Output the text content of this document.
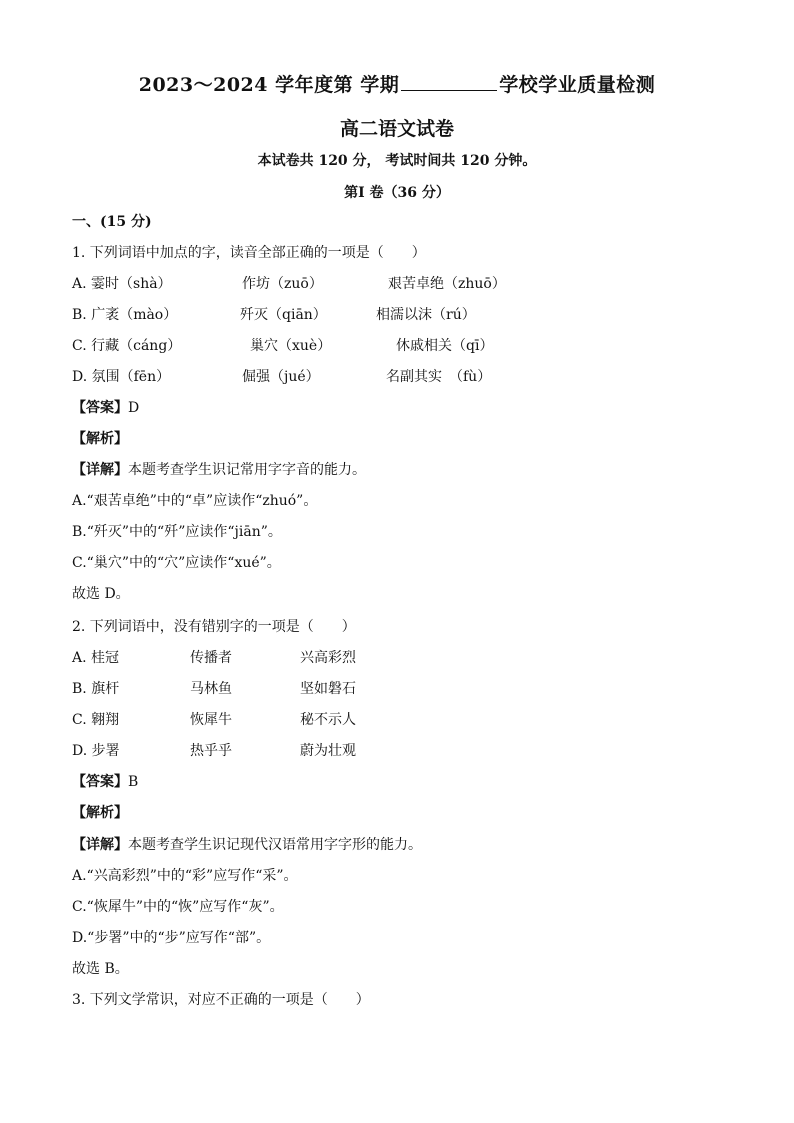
2023～2024 学年度第 学期	学校学业质量检测
高二语文试卷
本试卷共 120 分， 考试时间共 120 分钟。
第Ⅰ 卷（36 分）
一、(15 分)
1. 下列词语中加点的字，读音全部正确的一项是（　　）
A. 霎时（shà）	作坊（zuō）	艰苦卓绝（zhuō）
B. 广袤（mào）	歼灭（qiān）	相濡以沫（rú）
C. 行藏（cáng）	巢穴（xuè）	休戚相关（qī）
D. 氛围（fēn）	倔强（jué）	名副其实　（fù）
【答案】D
【解析】
【详解】本题考查学生识记常用字字音的能力。
A.“艰苦卓绝”中的“卓”应读作“zhuó”。
B.“歼灭”中的“歼”应读作“jiān”。
C.“巢穴”中的“穴”应读作“xué”。
故选 D。
2. 下列词语中，没有错别字的一项是（　　）
A. 桂冠	传播者	兴高彩烈
B. 旗杆	马林鱼	坚如磐石
C. 翱翔	恢犀牛	秘不示人
D. 步署	热乎乎	蔚为壮观
【答案】B
【解析】
【详解】本题考查学生识记现代汉语常用字字形的能力。
A.“兴高彩烈”中的“彩”应写作“采”。
C.“恢犀牛”中的“恢”应写作“灰”。
D.“步署”中的“步”应写作“部”。
故选 B。
3. 下列文学常识，对应不正确的一项是（　　）
